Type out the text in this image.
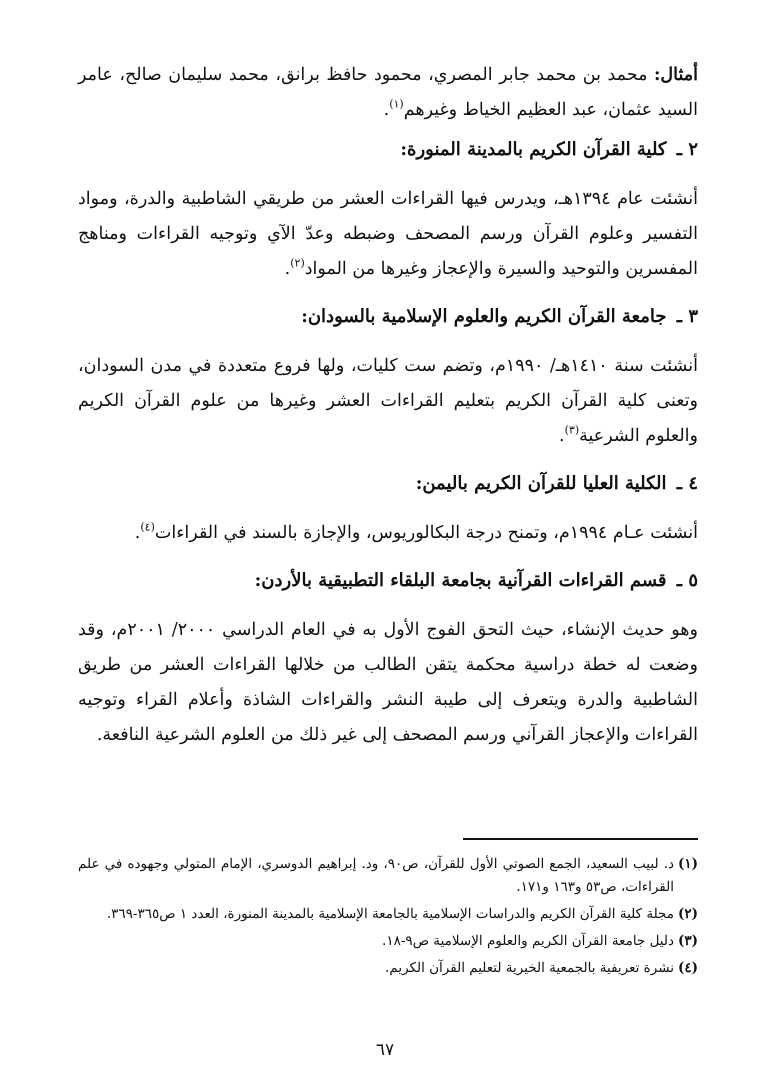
أمثال: محمد بن محمد جابر المصري، محمود حافظ برانق، محمد سليمان صالح، عامر السيد عثمان، عبد العظيم الخياط وغيرهم$^{(١)}$.

٢ ـ كلية القرآن الكريم بالمدينة المنورة:

أنشئت عام ١٣٩٤هـ، ويدرس فيها القراءات العشر من طريقي الشاطبية والدرة، ومواد التفسير وعلوم القرآن ورسم المصحف وضبطه وعدّ الآي وتوجيه القراءات ومناهج المفسرين والتوحيد والسيرة والإعجاز وغيرها من المواد$^{(٢)}$.

٣ ـ جامعة القرآن الكريم والعلوم الإسلامية بالسودان:

أنشئت سنة ١٤١٠هـ/ ١٩٩٠م، وتضم ست كليات، ولها فروع متعددة في مدن السودان، وتعنى كلية القرآن الكريم بتعليم القراءات العشر وغيرها من علوم القرآن الكريم والعلوم الشرعية$^{(٣)}$.

٤ ـ الكلية العليا للقرآن الكريم باليمن:

أنشئت عـام ١٩٩٤م، وتمنح درجة البكالوريوس، والإجازة بالسند في القراءات$^{(٤)}$.

٥ ـ قسم القراءات القرآنية بجامعة البلقاء التطبيقية بالأردن:

وهو حديث الإنشاء، حيث التحق الفوج الأول به في العام الدراسي ٢٠٠٠/ ٢٠٠١م، وقد وضعت له خطة دراسية محكمة يتقن الطالب من خلالها القراءات العشر من طريق الشاطبية والدرة ويتعرف إلى طيبة النشر والقراءات الشاذة وأعلام القراء وتوجيه القراءات والإعجاز القرآني ورسم المصحف إلى غير ذلك من العلوم الشرعية النافعة.

(١)
د. لبيب السعيد، الجمع الصوتي الأول للقرآن، ص٩٠، ود. إبراهيم الدوسري، الإمام المتولي وجهوده في علم القراءات، ص٥٣ و١٦٣ و١٧١.

(٢)
مجلة كلية القرآن الكريم والدراسات الإسلامية بالجامعة الإسلامية بالمدينة المنورة، العدد ١ ص٣٦٥-٣٦٩.

(٣)
دليل جامعة القرآن الكريم والعلوم الإسلامية ص٩-١٨.

(٤)
نشرة تعريفية بالجمعية الخيرية لتعليم القرآن الكريم.

٦٧
